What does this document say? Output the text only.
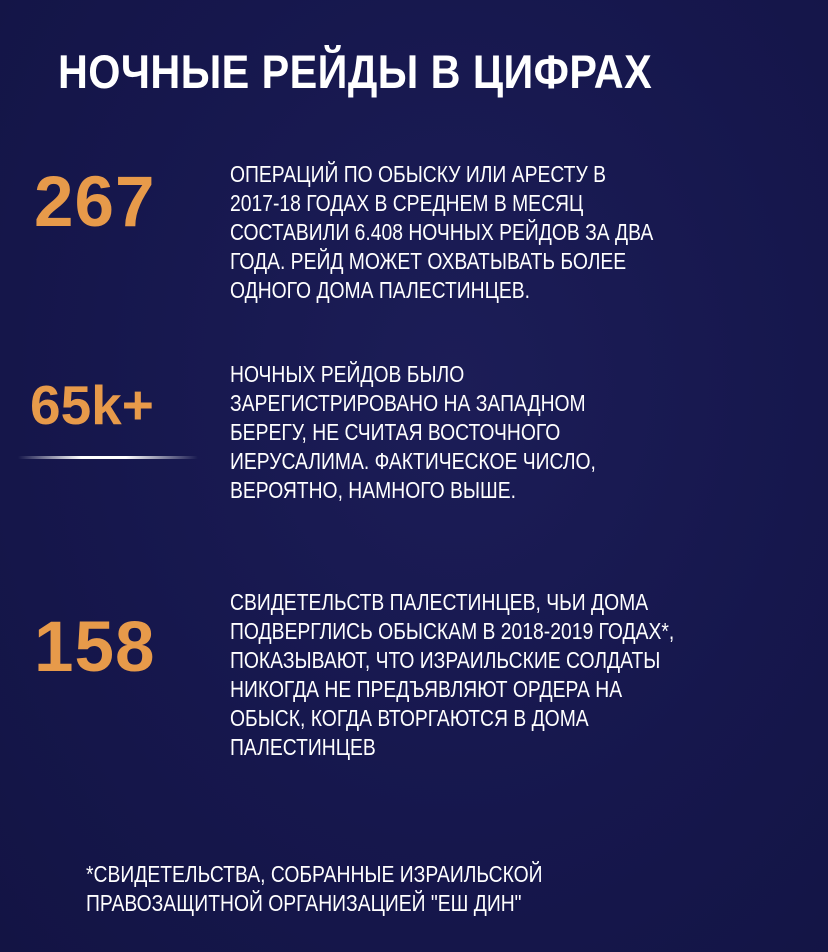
НОЧНЫЕ РЕЙДЫ В ЦИФРАХ
267	ОПЕРАЦИЙ ПО ОБЫСКУ ИЛИ АРЕСТУ В
2017-18 ГОДАХ В СРЕДНЕМ В МЕСЯЦ
СОСТАВИЛИ 6.408 НОЧНЫХ РЕЙДОВ ЗА ДВА
ГОДА. РЕЙД МОЖЕТ ОХВАТЫВАТЬ БОЛЕЕ
ОДНОГО ДОМА ПАЛЕСТИНЦЕВ.
65k+	НОЧНЫХ РЕЙДОВ БЫЛО
ЗАРЕГИСТРИРОВАНО НА ЗАПАДНОМ
БЕРЕГУ, НЕ СЧИТАЯ ВОСТОЧНОГО
ИЕРУСАЛИМА. ФАКТИЧЕСКОЕ ЧИСЛО,
ВЕРОЯТНО, НАМНОГО ВЫШЕ.
158
СВИДЕТЕЛЬСТВ ПАЛЕСТИНЦЕВ, ЧЬИ ДОМА
ПОДВЕРГЛИСЬ ОБЫСКАМ В 2018-2019 ГОДАХ*,
ПОКАЗЫВАЮТ, ЧТО ИЗРАИЛЬСКИЕ СОЛДАТЫ
НИКОГДА НЕ ПРЕДЪЯВЛЯЮТ ОРДЕРА НА
ОБЫСК, КОГДА ВТОРГАЮТСЯ В ДОМА
ПАЛЕСТИНЦЕВ
*СВИДЕТЕЛЬСТВА, СОБРАННЫЕ ИЗРАИЛЬСКОЙ
ПРАВОЗАЩИТНОЙ ОРГАНИЗАЦИЕЙ "ЕШ ДИН"
